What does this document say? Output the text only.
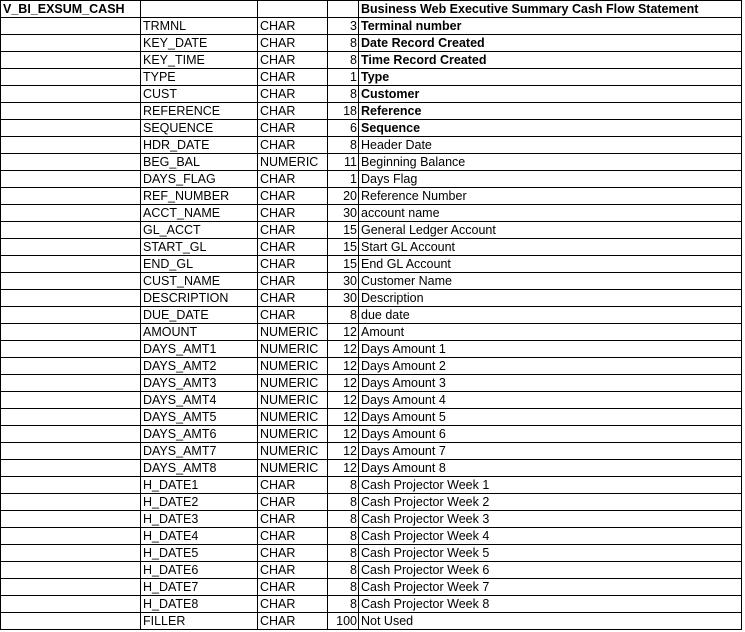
V_BI_EXSUM_CASH				Business Web Executive Summary Cash Flow Statement
	TRMNL	CHAR	3	Terminal number
	KEY_DATE	CHAR	8	Date Record Created
	KEY_TIME	CHAR	8	Time Record Created
	TYPE	CHAR	1	Type
	CUST	CHAR	8	Customer
	REFERENCE	CHAR	18	Reference
	SEQUENCE	CHAR	6	Sequence
	HDR_DATE	CHAR	8	Header Date
	BEG_BAL	NUMERIC	11	Beginning Balance
	DAYS_FLAG	CHAR	1	Days Flag
	REF_NUMBER	CHAR	20	Reference Number
	ACCT_NAME	CHAR	30	account name
	GL_ACCT	CHAR	15	General Ledger Account
	START_GL	CHAR	15	Start GL Account
	END_GL	CHAR	15	End GL Account
	CUST_NAME	CHAR	30	Customer Name
	DESCRIPTION	CHAR	30	Description
	DUE_DATE	CHAR	8	due date
	AMOUNT	NUMERIC	12	Amount
	DAYS_AMT1	NUMERIC	12	Days Amount 1
	DAYS_AMT2	NUMERIC	12	Days Amount 2
	DAYS_AMT3	NUMERIC	12	Days Amount 3
	DAYS_AMT4	NUMERIC	12	Days Amount 4
	DAYS_AMT5	NUMERIC	12	Days Amount 5
	DAYS_AMT6	NUMERIC	12	Days Amount 6
	DAYS_AMT7	NUMERIC	12	Days Amount 7
	DAYS_AMT8	NUMERIC	12	Days Amount 8
	H_DATE1	CHAR	8	Cash Projector Week 1
	H_DATE2	CHAR	8	Cash Projector Week 2
	H_DATE3	CHAR	8	Cash Projector Week 3
	H_DATE4	CHAR	8	Cash Projector Week 4
	H_DATE5	CHAR	8	Cash Projector Week 5
	H_DATE6	CHAR	8	Cash Projector Week 6
	H_DATE7	CHAR	8	Cash Projector Week 7
	H_DATE8	CHAR	8	Cash Projector Week 8
	FILLER	CHAR	100	Not Used
